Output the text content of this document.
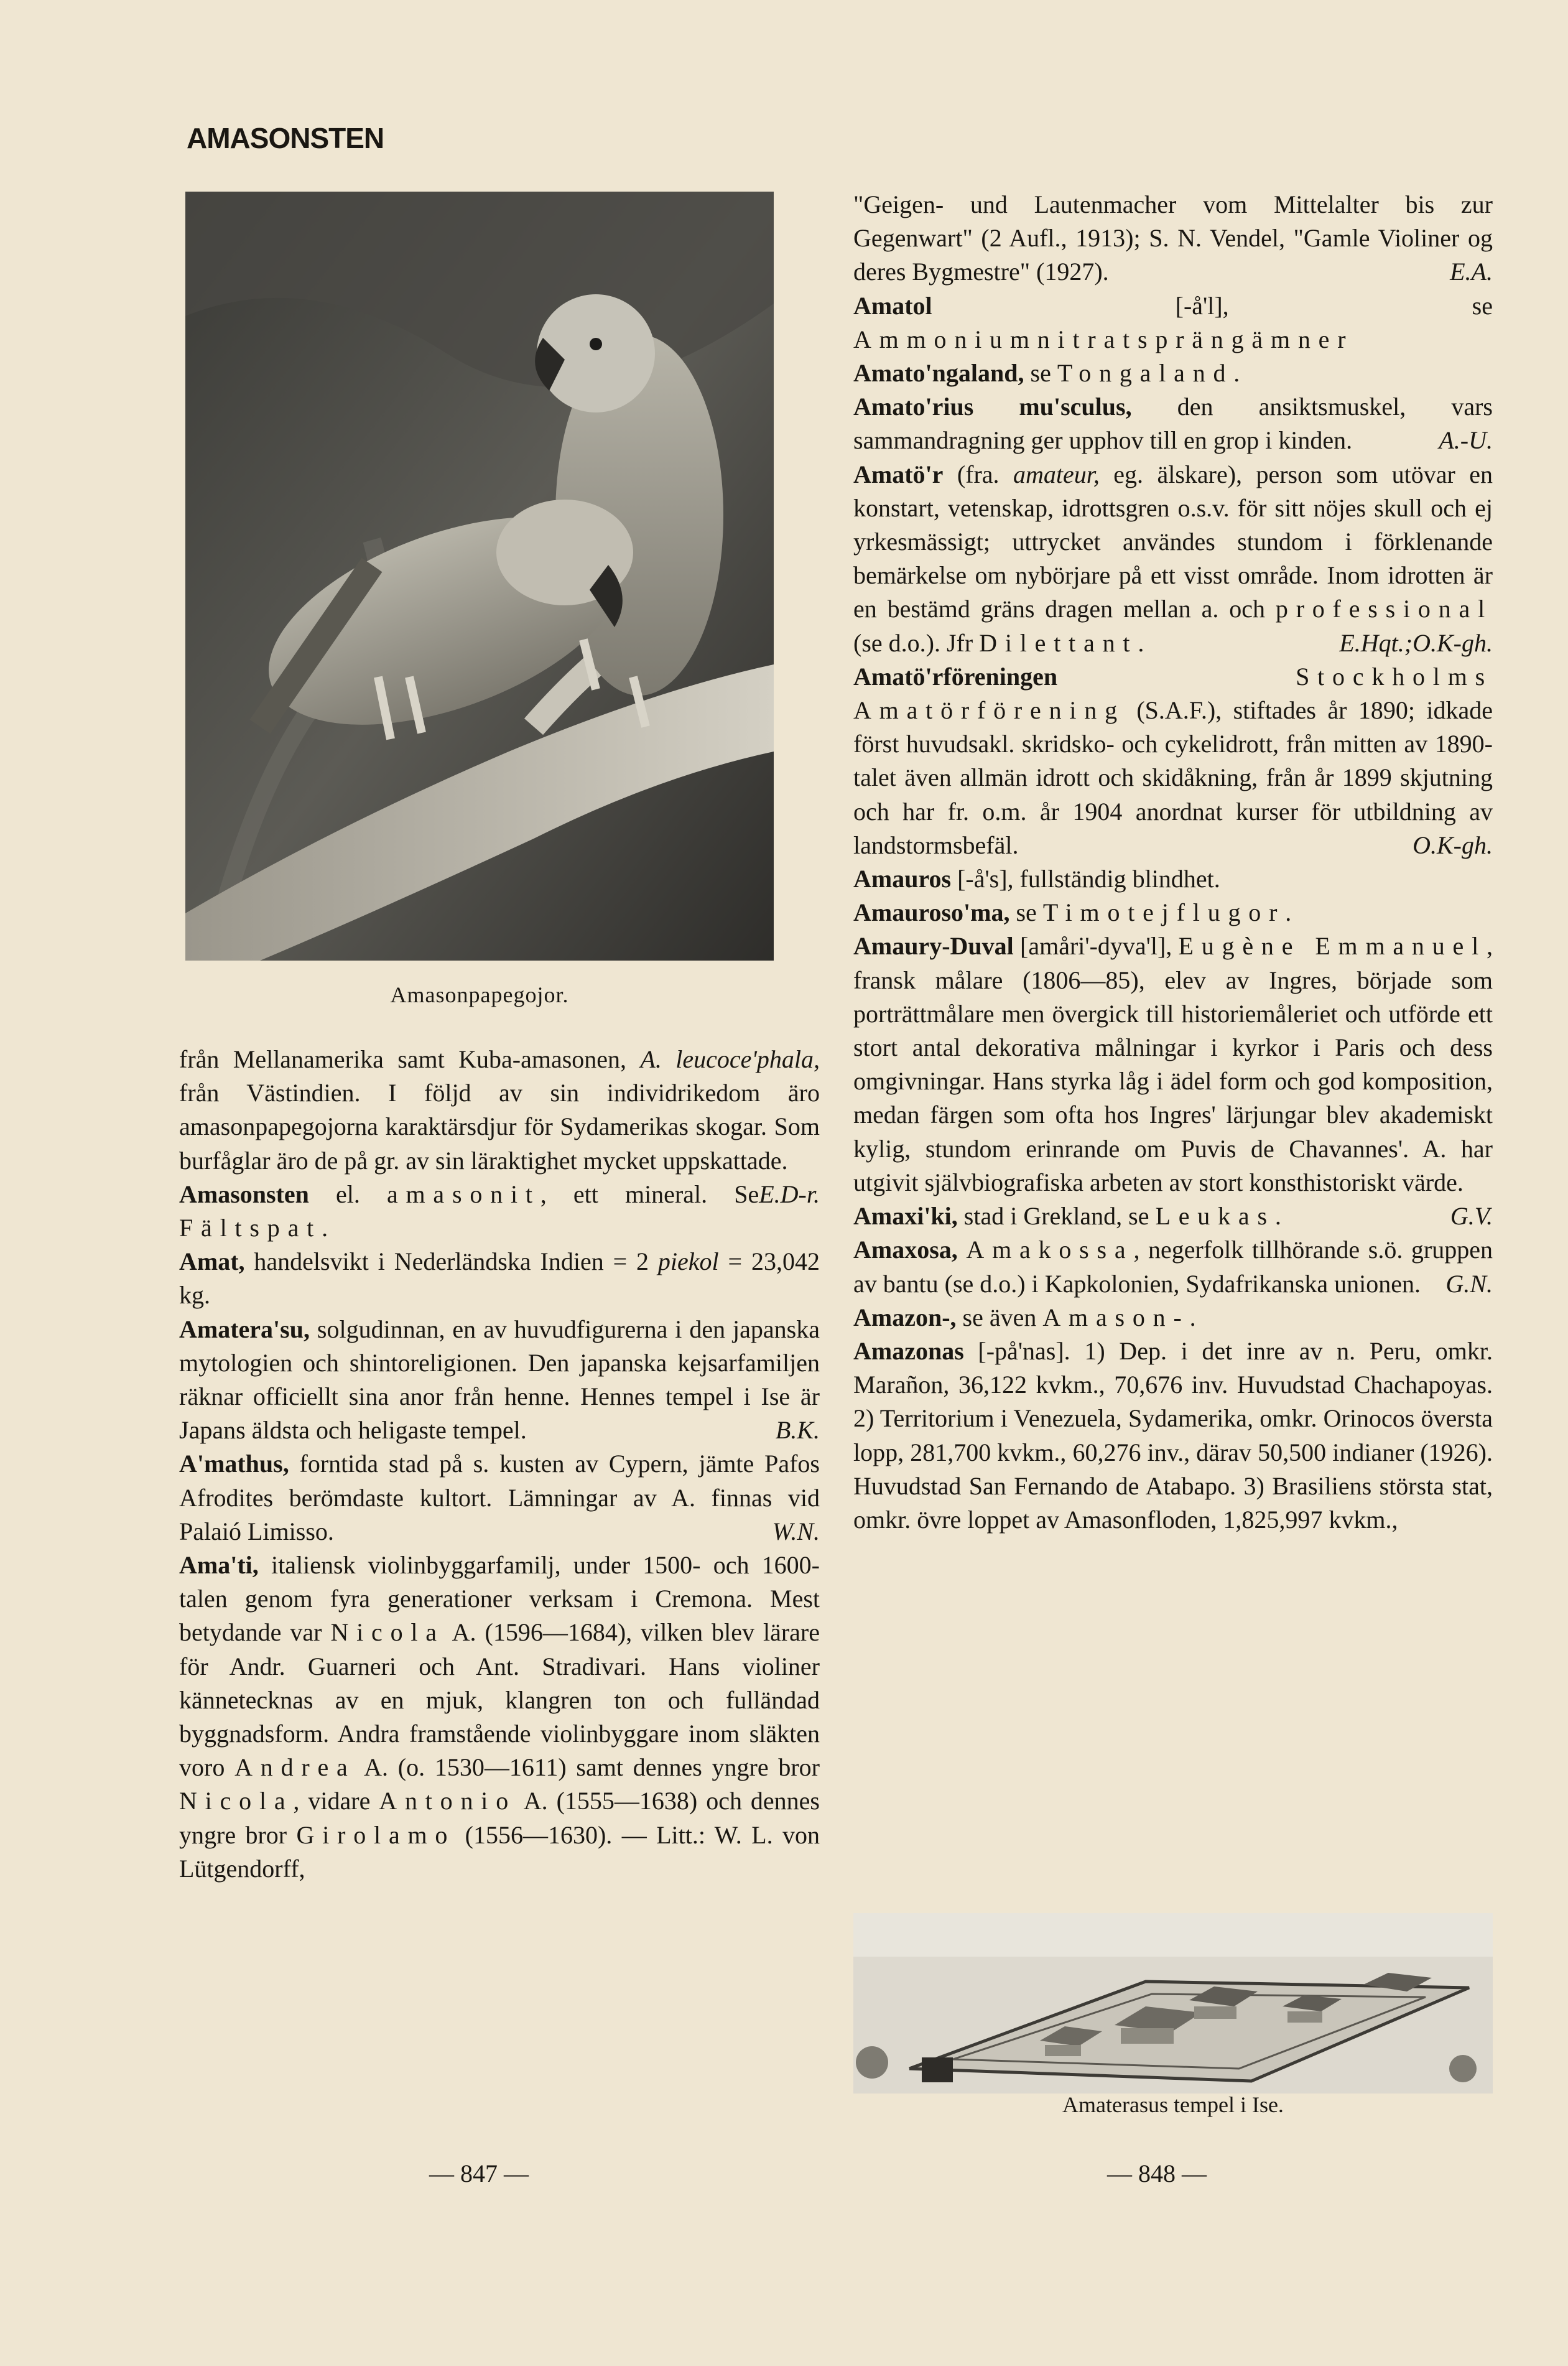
AMASONSTEN
Amasonpapegojor.
från Mellanamerika samt Kuba-amasonen, A. leucoce'phala, från Västindien. I följd av sin individrikedom äro amasonpapegojorna karaktärsdjur för Sydamerikas skogar. Som burfåglar äro de på gr. av sin läraktighet mycket uppskattade.
E.D-r.
Amasonsten el. amasonit, ett mineral. Se Fältspat.
Amat, handelsvikt i Nederländska Indien = 2 piekol = 23,042 kg.
Amatera'su, solgudinnan, en av huvudfigurerna i den japanska mytologien och shintoreligionen. Den japanska kejsarfamiljen räknar officiellt sina anor från henne. Hennes tempel i Ise är Japans äldsta och heligaste tempel.	B.K.
A'mathus, forntida stad på s. kusten av Cypern, jämte Pafos Afrodites berömdaste kultort. Lämningar av A. finnas vid Palaió Limisso.	W.N.
Ama'ti, italiensk violinbyggarfamilj, under 1500- och 1600-talen genom fyra generationer verksam i Cremona. Mest betydande var Nicola A. (1596—1684), vilken blev lärare för Andr. Guarneri och Ant. Stradivari. Hans violiner kännetecknas av en mjuk, klangren ton och fulländad byggnadsform. Andra framstående violinbyggare inom släkten voro Andrea A. (o. 1530—1611) samt dennes yngre bror Nicola, vidare Antonio A. (1555—1638) och dennes yngre bror Girolamo (1556—1630). — Litt.: W. L. von Lütgendorff,
"Geigen- und Lautenmacher vom Mittelalter bis zur Gegenwart" (2 Aufl., 1913); S. N. Vendel, "Gamle Violiner og deres Bygmestre" (1927).	E.A.
Amatol [-å'l], se Ammoniumnitratsprängämner
Amato'ngaland, se Tongaland.
Amato'rius mu'sculus, den ansiktsmuskel, vars sammandragning ger upphov till en grop i kinden.	A.-U.
Amatö'r (fra. amateur, eg. älskare), person som utövar en konstart, vetenskap, idrottsgren o.s.v. för sitt nöjes skull och ej yrkesmässigt; uttrycket användes stundom i förklenande bemärkelse om nybörjare på ett visst område. Inom idrotten är en bestämd gräns dragen mellan a. och professional (se d.o.). Jfr Dilettant.	E.Hqt.;O.K-gh.
Amatö'rföreningen	Stockholms Amatörförening (S.A.F.), stiftades år 1890; idkade först huvudsakl. skridsko- och cykelidrott, från mitten av 1890-talet även allmän idrott och skidåkning, från år 1899 skjutning och har fr. o.m. år 1904 anordnat kurser för utbildning av landstormsbefäl.	O.K-gh.
Amauros [-å's], fullständig blindhet.
Amauroso'ma, se Timotejflugor.
Amaury-Duval [amåri'-dyva'l], Eugène Emmanuel, fransk målare (1806—85), elev av Ingres, började som porträttmålare men övergick till historiemåleriet och utförde ett stort antal dekorativa målningar i kyrkor i Paris och dess omgivningar. Hans styrka låg i ädel form och god komposition, medan färgen som ofta hos Ingres' lärjungar blev akademiskt kylig, stundom erinrande om Puvis de Chavannes'. A. har utgivit självbiografiska arbeten av stort konsthistoriskt värde.
G.V.
Amaxi'ki, stad i Grekland, se Leukas.
Amaxosa, Amakossa, negerfolk tillhörande s.ö. gruppen av bantu (se d.o.) i Kapkolonien, Sydafrikanska unionen. G.N.
Amazon-, se även Amason-.
Amazonas [-på'nas]. 1) Dep. i det inre av n. Peru, omkr. Marañon, 36,122 kvkm., 70,676 inv. Huvudstad Chachapoyas. 2) Territorium i Venezuela, Sydamerika, omkr. Orinocos översta lopp, 281,700 kvkm., 60,276 inv., därav 50,500 indianer (1926). Huvudstad San Fernando de Atabapo. 3) Brasiliens största stat, omkr. övre loppet av Amasonfloden, 1,825,997 kvkm.,
Amaterasus tempel i Ise.
— 847 —	— 848 —
